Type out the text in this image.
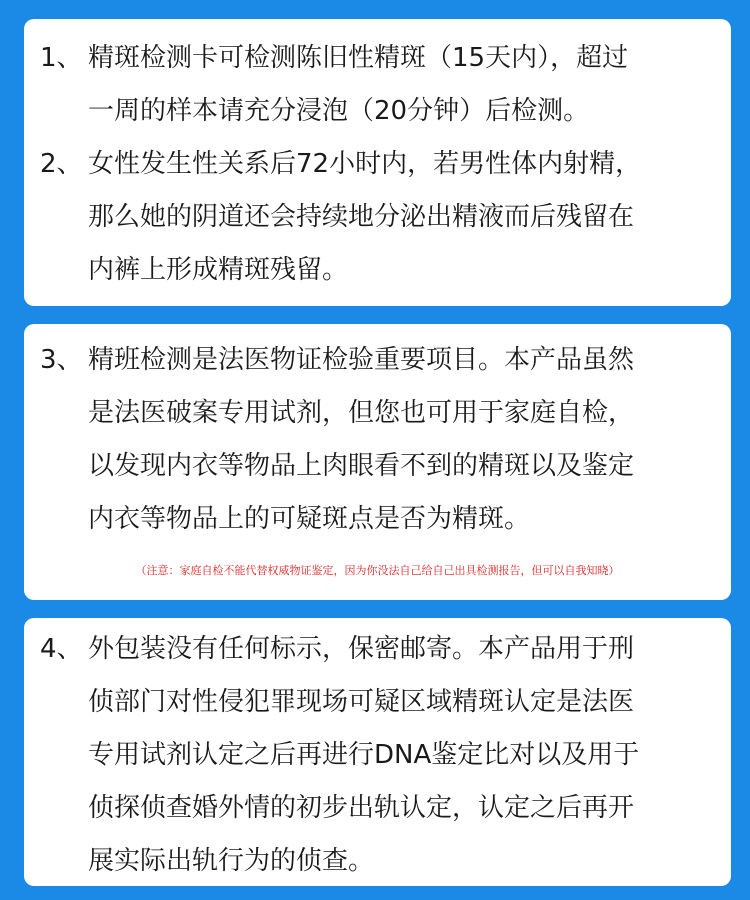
1、 精斑检测卡可检测陈旧性精斑（15天内），超过
一周的样本请充分浸泡（20分钟）后检测。
2、 女性发生性关系后72小时内，若男性体内射精，
那么她的阴道还会持续地分泌出精液而后残留在
内裤上形成精斑残留。
3、 精班检测是法医物证检验重要项目。本产品虽然
是法医破案专用试剂，但您也可用于家庭自检，
以发现内衣等物品上肉眼看不到的精斑以及鉴定
内衣等物品上的可疑斑点是否为精斑。
（注意：家庭自检不能代替权威物证鉴定，因为你没法自己给自己出具检测报告，但可以自我知晓）
4、 外包装没有任何标示，保密邮寄。本产品用于刑
侦部门对性侵犯罪现场可疑区域精斑认定是法医
专用试剂认定之后再进行DNA鉴定比对以及用于
侦探侦查婚外情的初步出轨认定，认定之后再开
展实际出轨行为的侦查。
